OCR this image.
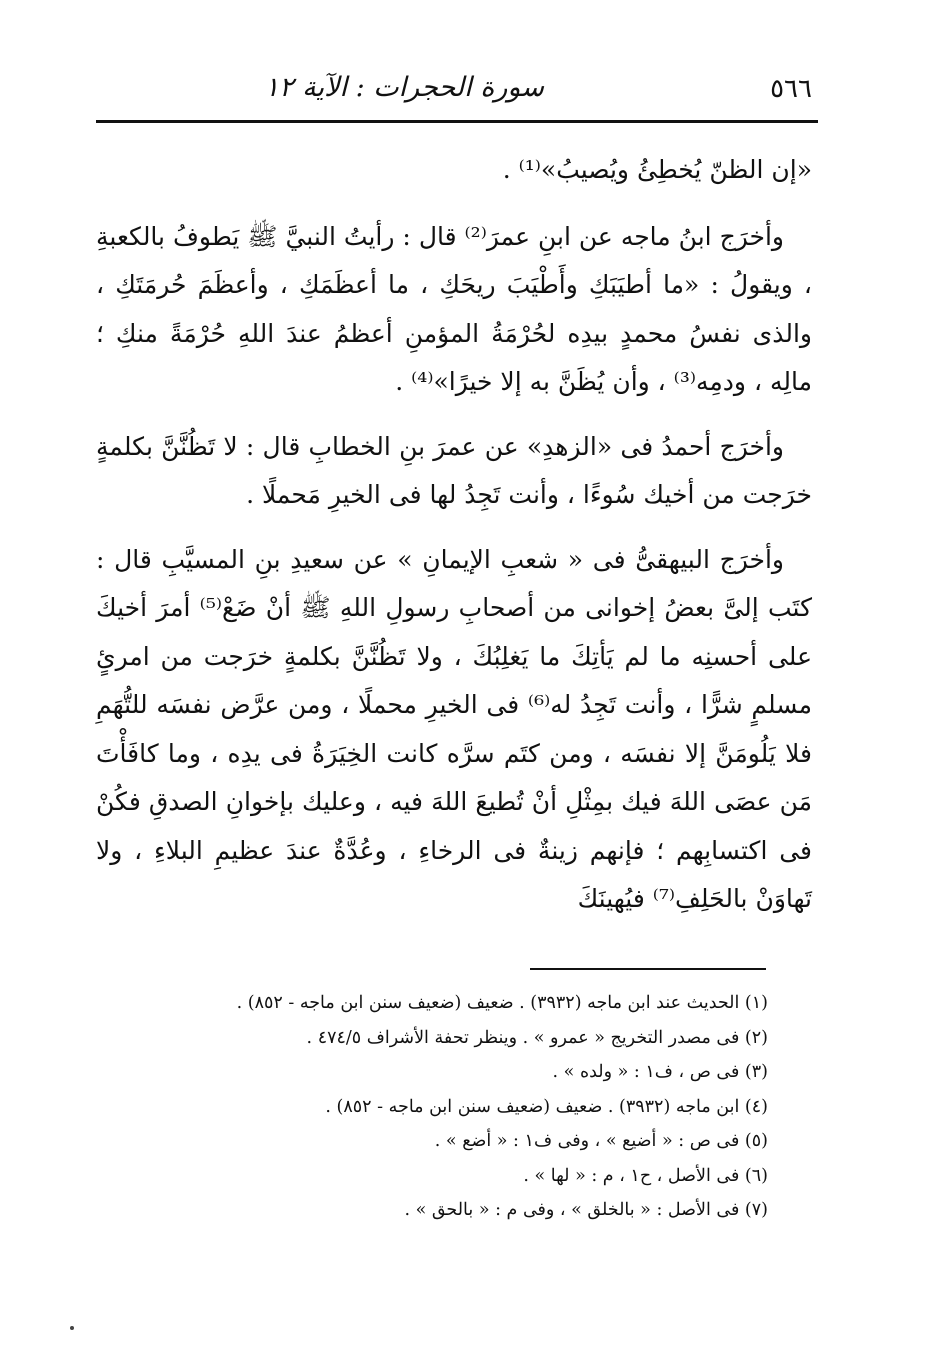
٥٦٦
سورة الحجرات : الآية ١٢

«إن الظنّ يُخطِئُ ويُصيبُ»⁽¹⁾ .

وأخرَج ابنُ ماجه عن ابنِ عمرَ⁽²⁾ قال : رأيتُ النبيَّ ﷺ يَطوفُ بالكعبةِ ، ويقولُ : «ما أطيَبَكِ وأَطْيَبَ ريحَكِ ، ما أعظَمَكِ ، وأعظَمَ حُرمَتَكِ ، والذى نفسُ محمدٍ بيدِه لحُرْمَةُ المؤمنِ أعظمُ عندَ اللهِ حُرْمَةً منكِ ؛ مالِه ، ودمِه⁽³⁾ ، وأن يُظَنَّ به إلا خيرًا»⁽⁴⁾ .

وأخرَج أحمدُ فى «الزهدِ» عن عمرَ بنِ الخطابِ قال : لا تَظُنَّنَّ بكلمةٍ خرَجت من أخيك سُوءًا ، وأنت تَجِدُ لها فى الخيرِ مَحملًا .

وأخرَج البيهقىُّ فى « شعبِ الإيمانِ » عن سعيدِ بنِ المسيَّبِ قال : كتَب إلىَّ بعضُ إخوانى من أصحابِ رسولِ اللهِ ﷺ أنْ ضَعْ⁽⁵⁾ أمرَ أخيكَ على أحسنِه ما لم يَأتِكَ ما يَغلِبُكَ ، ولا تَظُنَّنَّ بكلمةٍ خرَجت من امرئٍ مسلمٍ شرًّا ، وأنت تَجِدُ له⁽⁶⁾ فى الخيرِ محملًا ، ومن عرَّض نفسَه للتُّهَمِ فلا يَلُومَنَّ إلا نفسَه ، ومن كتَم سرَّه كانت الخِيَرَةُ فى يدِه ، وما كافَأْتَ مَن عصَى اللهَ فيك بمِثْلِ أنْ تُطيعَ اللهَ فيه ، وعليك بإخوانِ الصدقِ فكُنْ فى اكتسابِهم ؛ فإنهم زينةٌ فى الرخاءِ ، وعُدَّةٌ عندَ عظيمِ البلاءِ ، ولا تَهاوَنْ بالحَلِفِ⁽⁷⁾ فيُهينَكَ

(١) الحديث عند ابن ماجه (٣٩٣٢) . ضعيف (ضعيف سنن ابن ماجه - ٨٥٢) .
(٢) فى مصدر التخريج « عمرو » . وينظر تحفة الأشراف ٤٧٤/٥ .
(٣) فى ص ، ف١ : « ولده » .
(٤) ابن ماجه (٣٩٣٢) . ضعيف (ضعيف سنن ابن ماجه - ٨٥٢) .
(٥) فى ص : « أضيع » ، وفى ف١ : « أضع » .
(٦) فى الأصل ، ح١ ، م : « لها » .
(٧) فى الأصل : « بالخلق » ، وفى م : « بالحق » .
